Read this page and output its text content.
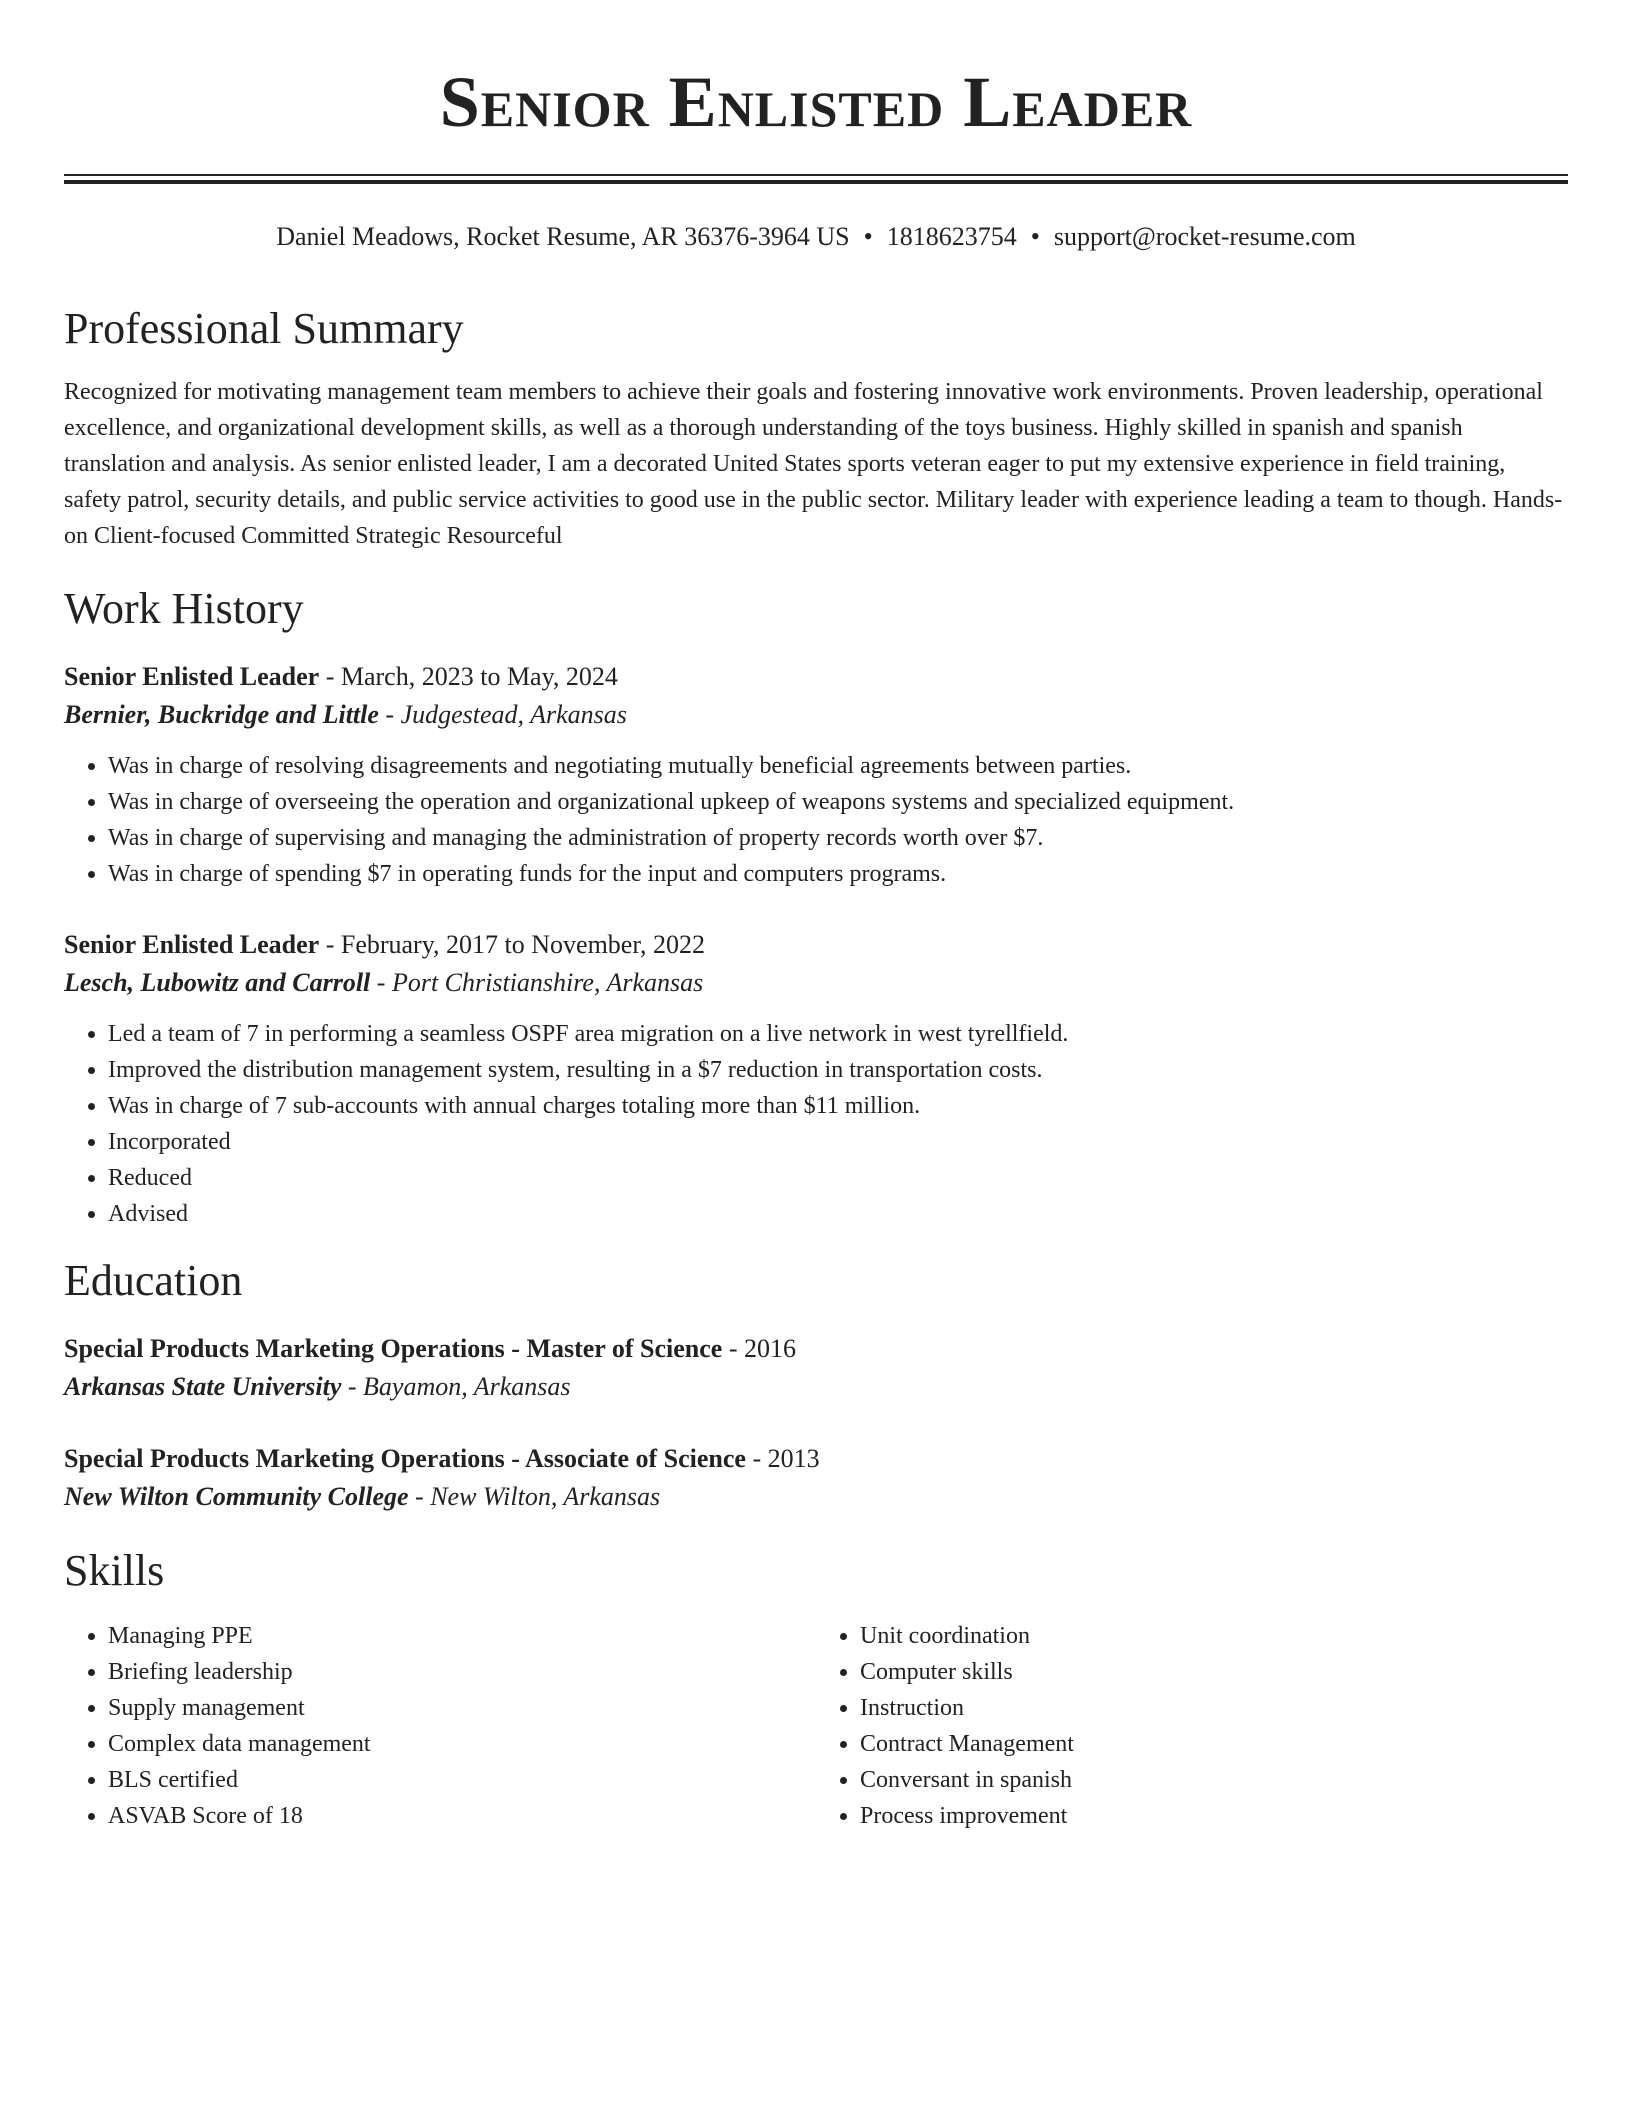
Senior Enlisted Leader
Daniel Meadows, Rocket Resume, AR 36376-3964 US • 1818623754 • support@rocket-resume.com
Professional Summary

Recognized for motivating management team members to achieve their goals and fostering innovative work environments. Proven leadership, operational excellence, and organizational development skills, as well as a thorough understanding of the toys business. Highly skilled in spanish and spanish translation and analysis. As senior enlisted leader, I am a decorated United States sports veteran eager to put my extensive experience in field training, safety patrol, security details, and public service activities to good use in the public sector. Military leader with experience leading a team to though. Hands-on Client-focused Committed Strategic Resourceful

Work History
Senior Enlisted Leader - March, 2023 to May, 2024
Bernier, Buckridge and Little - Judgestead, Arkansas
• Was in charge of resolving disagreements and negotiating mutually beneficial agreements between parties.
• Was in charge of overseeing the operation and organizational upkeep of weapons systems and specialized equipment.
• Was in charge of supervising and managing the administration of property records worth over $7.
• Was in charge of spending $7 in operating funds for the input and computers programs.
Senior Enlisted Leader - February, 2017 to November, 2022
Lesch, Lubowitz and Carroll - Port Christianshire, Arkansas
• Led a team of 7 in performing a seamless OSPF area migration on a live network in west tyrellfield.
• Improved the distribution management system, resulting in a $7 reduction in transportation costs.
• Was in charge of 7 sub-accounts with annual charges totaling more than $11 million.
• Incorporated
• Reduced
• Advised
Education
Special Products Marketing Operations - Master of Science - 2016
Arkansas State University - Bayamon, Arkansas
Special Products Marketing Operations - Associate of Science - 2013
New Wilton Community College - New Wilton, Arkansas
Skills
• Managing PPE
• Briefing leadership
• Supply management
• Complex data management
• BLS certified
• ASVAB Score of 18
• Unit coordination
• Computer skills
• Instruction
• Contract Management
• Conversant in spanish
• Process improvement
